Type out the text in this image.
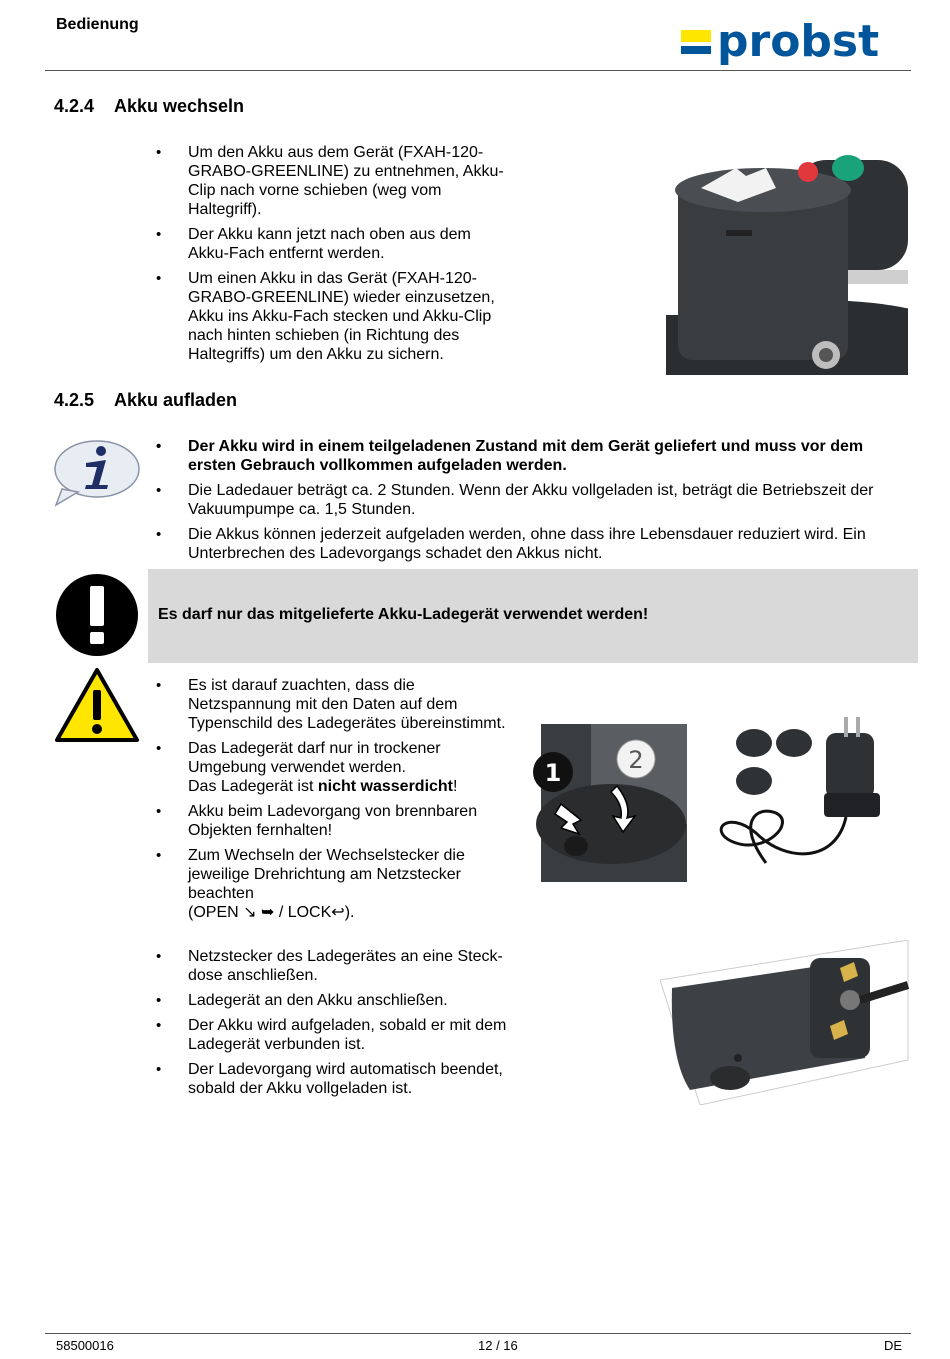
Bedienung	probst
4.2.4 Akku wechseln
• Um den Akku aus dem Gerät (FXAH-120-
GRABO-GREENLINE) zu entnehmen, Akku-
Clip nach vorne schieben (weg vom
Haltegriff).
• Der Akku kann jetzt nach oben aus dem
Akku-Fach entfernt werden.
• Um einen Akku in das Gerät (FXAH-120-
GRABO-GREENLINE) wieder einzusetzen,
Akku ins Akku-Fach stecken und Akku-Clip
nach hinten schieben (in Richtung des
Haltegriffs) um den Akku zu sichern.
4.2.5 Akku aufladen
• Der Akku wird in einem teilgeladenen Zustand mit dem Gerät geliefert und muss vor dem
ersten Gebrauch vollkommen aufgeladen werden.
• Die Ladedauer beträgt ca. 2 Stunden. Wenn der Akku vollgeladen ist, beträgt die Betriebszeit der
Vakuumpumpe ca. 1,5 Stunden.
• Die Akkus können jederzeit aufgeladen werden, ohne dass ihre Lebensdauer reduziert wird. Ein
Unterbrechen des Ladevorgangs schadet den Akkus nicht.
Es darf nur das mitgelieferte Akku-Ladegerät verwendet werden!
• Es ist darauf zuachten, dass die
Netzspannung mit den Daten auf dem
Typenschild des Ladegerätes übereinstimmt.
• Das Ladegerät darf nur in trockener
Umgebung verwendet werden.
Das Ladegerät ist nicht wasserdicht!
• Akku beim Ladevorgang von brennbaren
Objekten fernhalten!
• Zum Wechseln der Wechselstecker die
jeweilige Drehrichtung am Netzstecker
beachten
(OPEN ↘ ➥ / LOCK↩).
1	2
• Netzstecker des Ladegerätes an eine Steck-
dose anschließen.
• Ladegerät an den Akku anschließen.
• Der Akku wird aufgeladen, sobald er mit dem
Ladegerät verbunden ist.
• Der Ladevorgang wird automatisch beendet,
sobald der Akku vollgeladen ist.
58500016	12 / 16	DE
